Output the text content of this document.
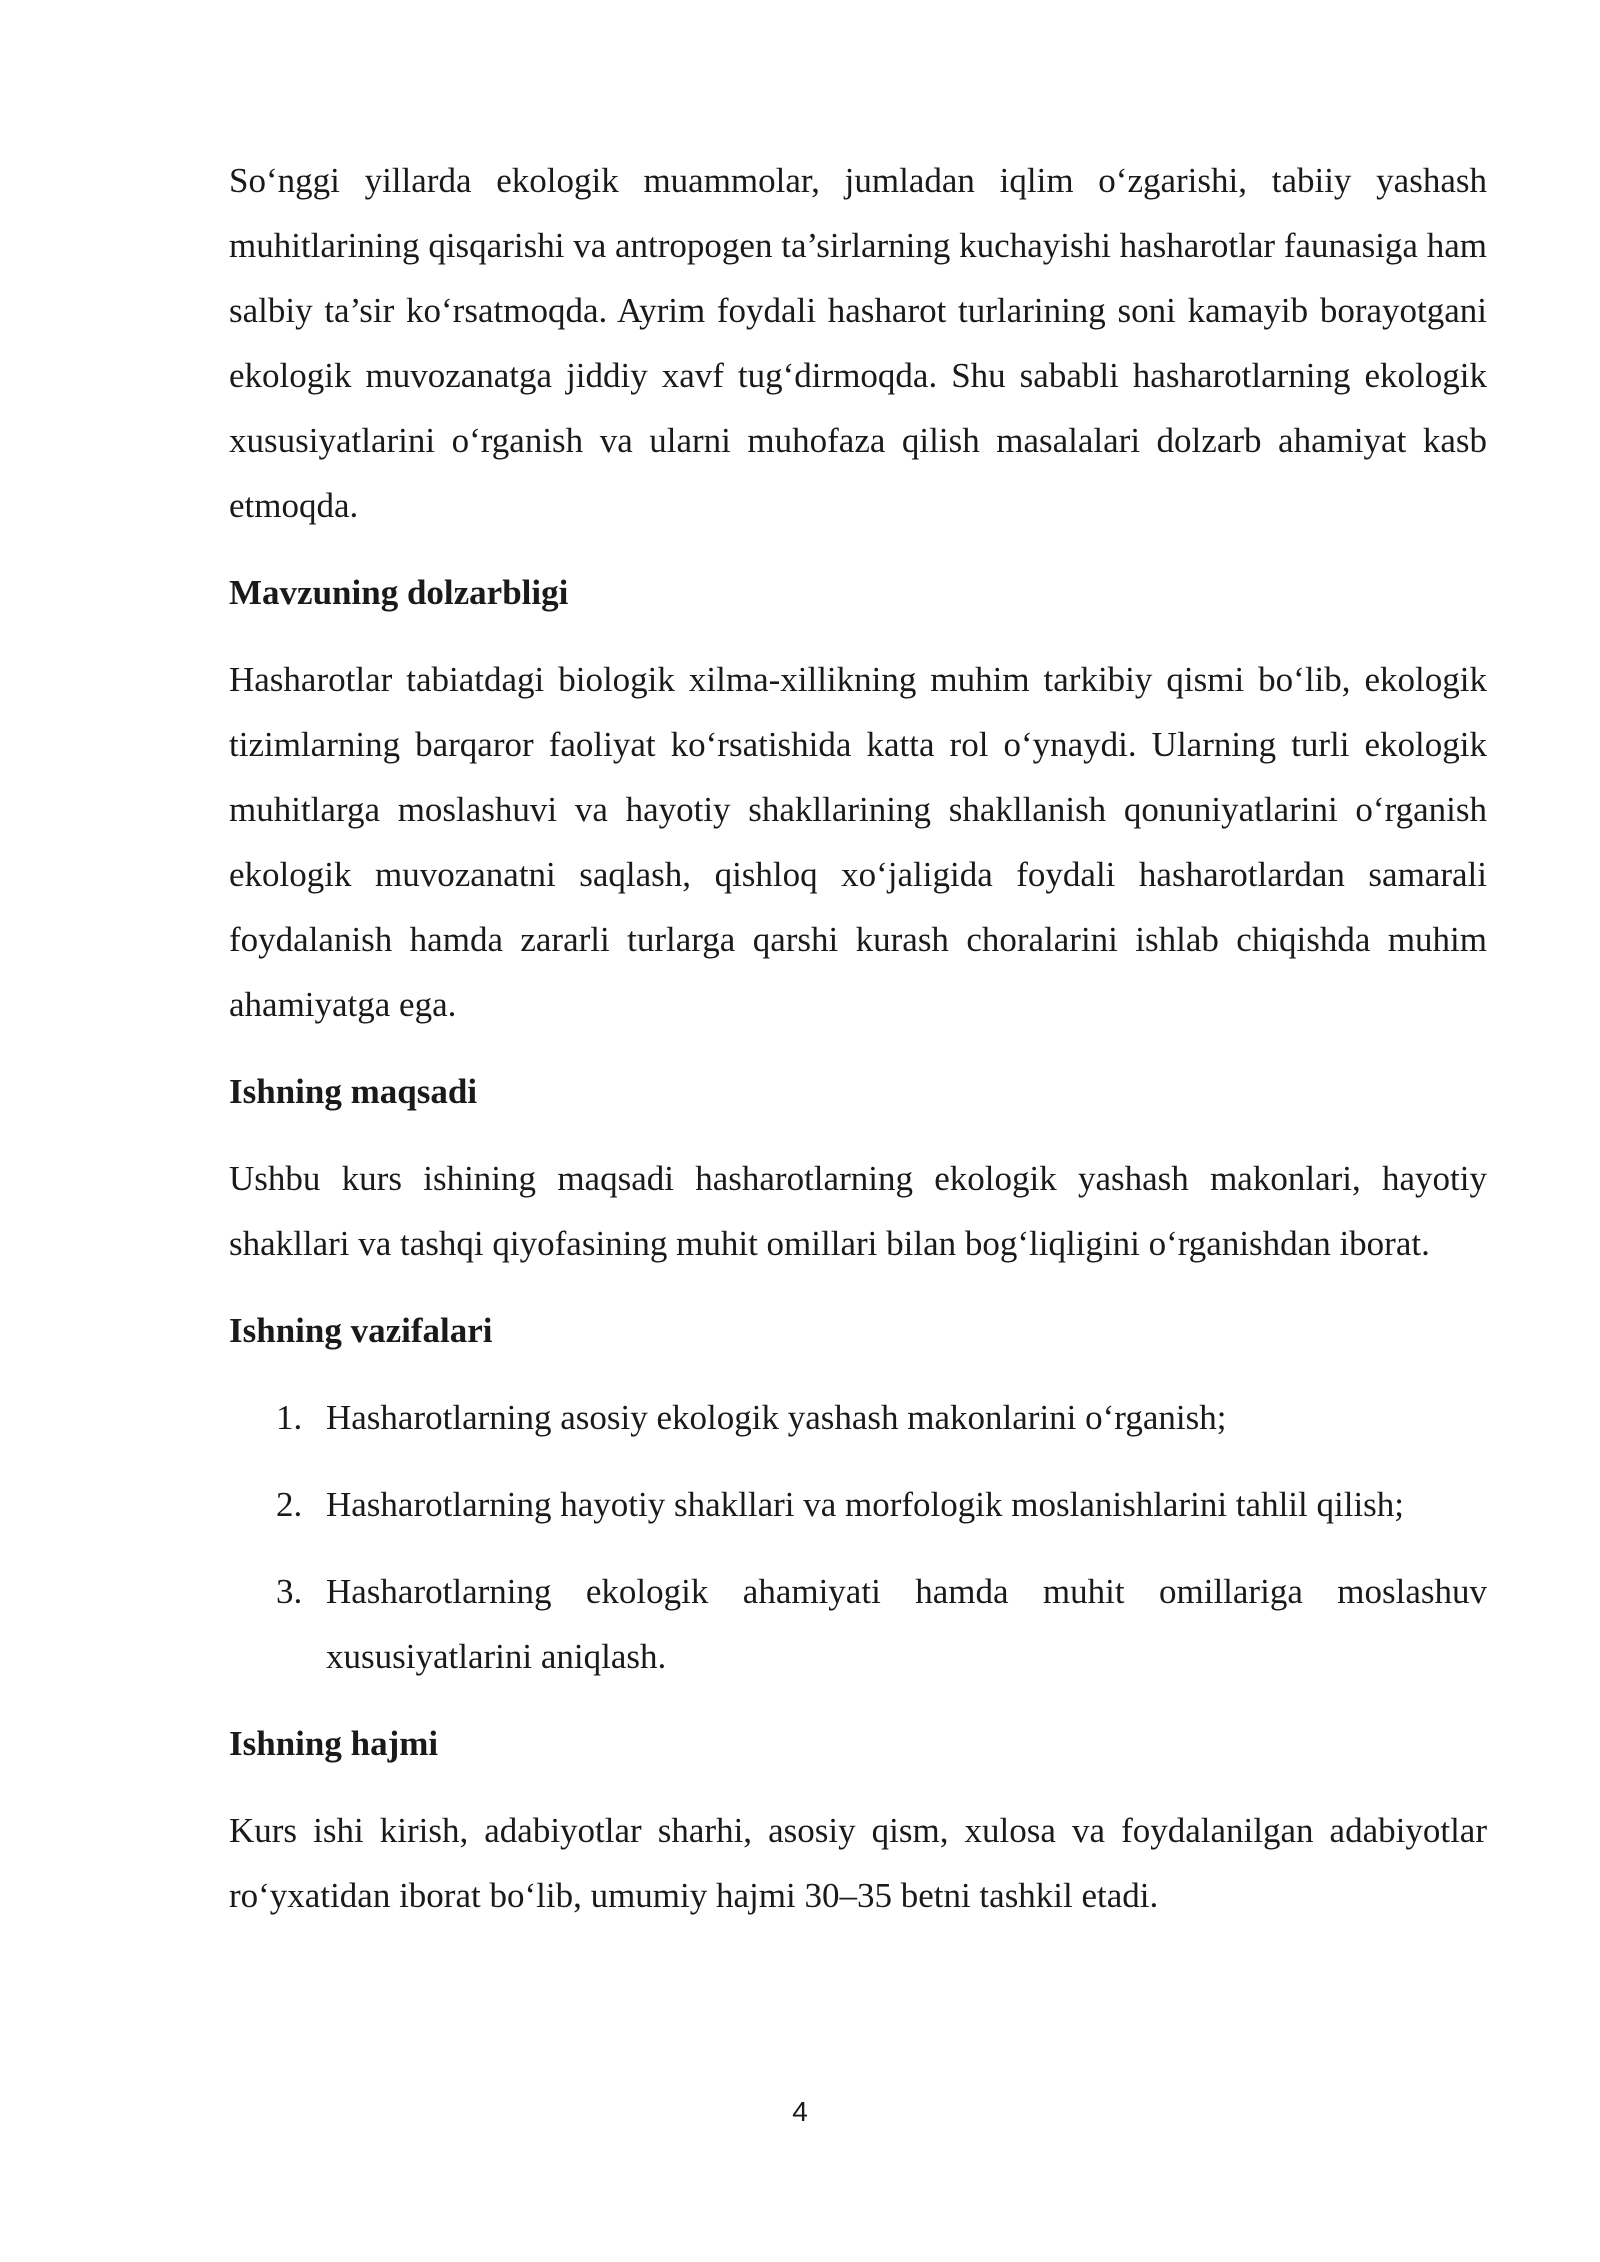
So‘nggi yillarda ekologik muammolar, jumladan iqlim o‘zgarishi, tabiiy yashash muhitlarining qisqarishi va antropogen ta’sirlarning kuchayishi hasharotlar faunasiga ham salbiy ta’sir ko‘rsatmoqda. Ayrim foydali hasharot turlarining soni kamayib borayotgani ekologik muvozanatga jiddiy xavf tug‘dirmoqda. Shu sababli hasharotlarning ekologik xususiyatlarini o‘rganish va ularni muhofaza qilish masalalari dolzarb ahamiyat kasb etmoqda.

Mavzuning dolzarbligi

Hasharotlar tabiatdagi biologik xilma-xillikning muhim tarkibiy qismi bo‘lib, ekologik tizimlarning barqaror faoliyat ko‘rsatishida katta rol o‘ynaydi. Ularning turli ekologik muhitlarga moslashuvi va hayotiy shakllarining shakllanish qonuniyatlarini o‘rganish ekologik muvozanatni saqlash, qishloq xo‘jaligida foydali hasharotlardan samarali foydalanish hamda zararli turlarga qarshi kurash choralarini ishlab chiqishda muhim ahamiyatga ega.

Ishning maqsadi

Ushbu kurs ishining maqsadi hasharotlarning ekologik yashash makonlari, hayotiy shakllari va tashqi qiyofasining muhit omillari bilan bog‘liqligini o‘rganishdan iborat.

Ishning vazifalari
1. Hasharotlarning asosiy ekologik yashash makonlarini o‘rganish;
2. Hasharotlarning hayotiy shakllari va morfologik moslanishlarini tahlil qilish;
3. Hasharotlarning ekologik ahamiyati hamda muhit omillariga moslashuv xususiyatlarini aniqlash.
Ishning hajmi

Kurs ishi kirish, adabiyotlar sharhi, asosiy qism, xulosa va foydalanilgan adabiyotlar ro‘yxatidan iborat bo‘lib, umumiy hajmi 30–35 betni tashkil etadi.

4
